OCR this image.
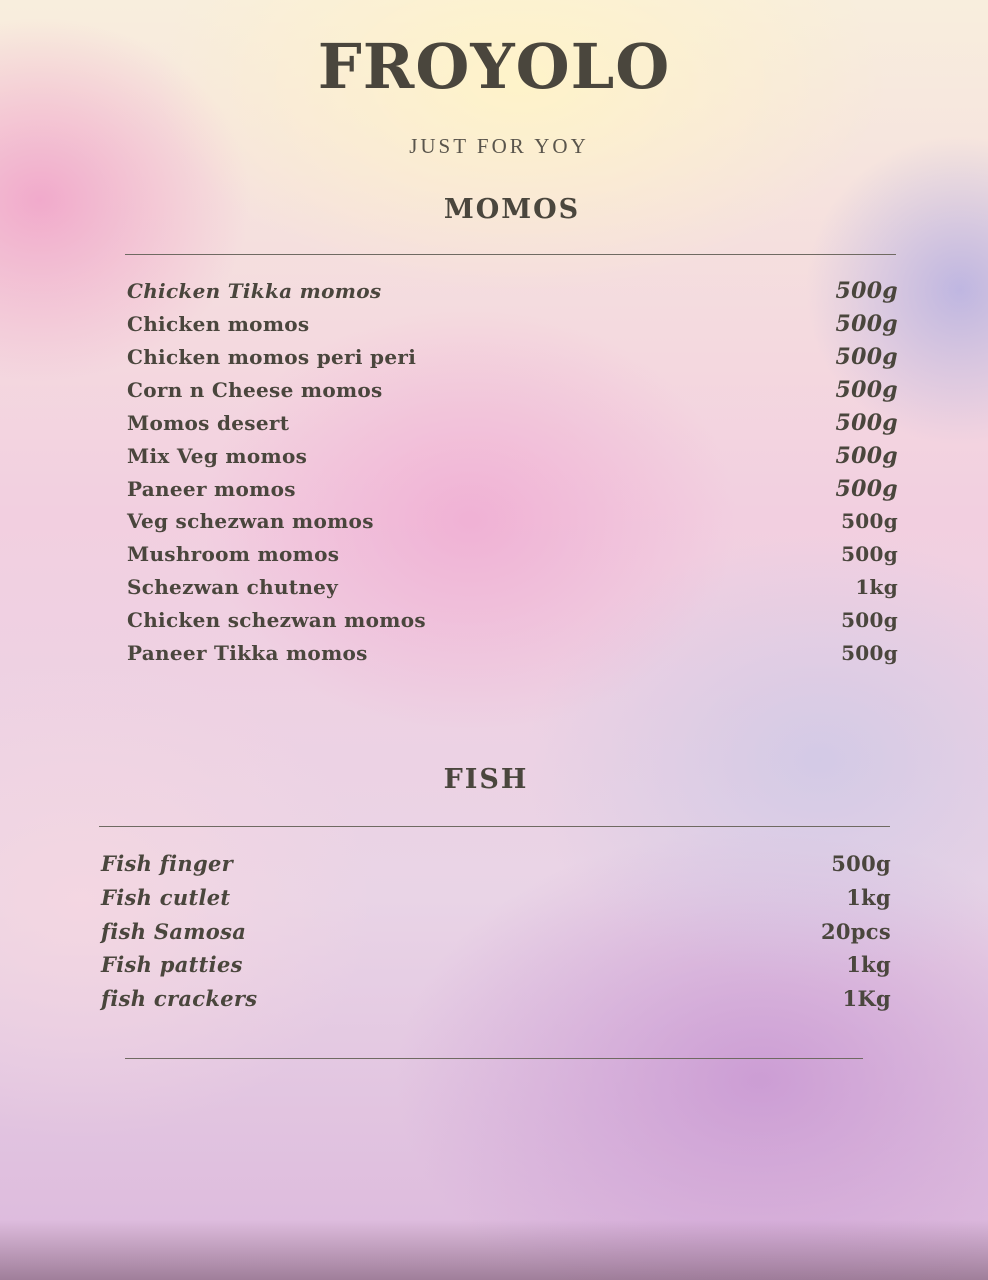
FROYOLO

JUST FOR YOY

MOMOS
Chicken Tikka momos	500g
Chicken momos	500g
Chicken momos peri peri	500g
Corn n Cheese momos	500g
Momos desert	500g
Mix Veg momos	500g
Paneer momos	500g
Veg schezwan momos	500g
Mushroom momos	500g
Schezwan chutney	1kg
Chicken schezwan momos	500g
Paneer Tikka momos	500g
FISH
Fish finger	500g
Fish cutlet	1kg
fish Samosa	20pcs
Fish patties	1kg
fish crackers	1Kg
